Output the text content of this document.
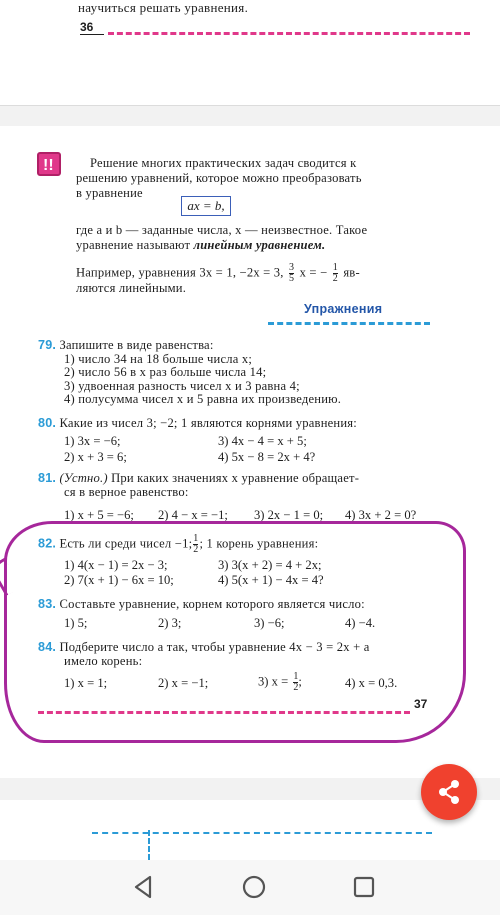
научиться решать уравнения.
36
!!	Решение многих практических задач сводится к
решению уравнений, которое можно преобразовать
в уравнение
ax = b,
где a и b — заданные числа, x — неизвестное. Такое
уравнение называют линейным уравнением.
Например, уравнения 3x = 1, −2x = 3, $\frac{3}{5}$ x = − $\frac{1}{2} яв-$
ляются линейными.
Упражнения
79. Запишите в виде равенства:
1) число 34 на 18 больше числа x;
2) число 56 в x раз больше числа 14;
3) удвоенная разность чисел x и 3 равна 4;
4) полусумма чисел x и 5 равна их произведению.
80. Какие из чисел 3; −2; 1 являются корнями уравнения:
1) 3x = −6;
2) x + 3 = 6;
3) 4x − 4 = x + 5;
4) 5x − 8 = 2x + 4?
81. (Устно.) При каких значениях x уравнение обращает-
ся в верное равенство:
1) x + 5 = −6; 2) 4 − x = −1; 3) 2x − 1 = 0; 4) 3x + 2 = 0?
82. Есть ли среди чисел −1; $\frac{1}{2}$ ; 1 корень уравнения:
1) 4(x − 1) = 2x − 3;
2) 7(x + 1) − 6x = 10;
3) 3(x + 2) = 4 + 2x;
4) 5(x + 1) − 4x = 4?
83. Составьте уравнение, корнем которого является число:
1) 5;	2) 3;	3) −6;	4) −4.
84. Подберите число a так, чтобы уравнение 4x − 3 = 2x + a
имело корень:
1) x = 1;	2) x = −1;	3) $x = \frac{1}{2}$ ;	4) x = 0,3.
37
